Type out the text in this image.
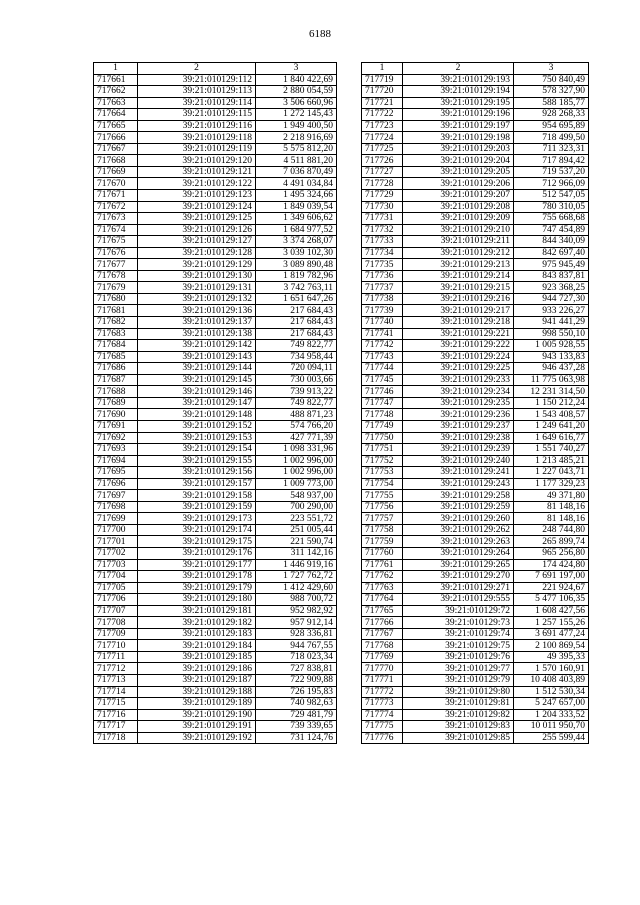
6188
1	2	3
717661	39:21:010129:112	1 840 422,69
717662	39:21:010129:113	2 880 054,59
717663	39:21:010129:114	3 506 660,96
717664	39:21:010129:115	1 272 145,43
717665	39:21:010129:116	1 949 400,50
717666	39:21:010129:118	2 218 916,69
717667	39:21:010129:119	5 575 812,20
717668	39:21:010129:120	4 511 881,20
717669	39:21:010129:121	7 036 870,49
717670	39:21:010129:122	4 491 034,84
717671	39:21:010129:123	1 495 324,66
717672	39:21:010129:124	1 849 039,54
717673	39:21:010129:125	1 349 606,62
717674	39:21:010129:126	1 684 977,52
717675	39:21:010129:127	3 374 268,07
717676	39:21:010129:128	3 039 102,30
717677	39:21:010129:129	3 089 890,48
717678	39:21:010129:130	1 819 782,96
717679	39:21:010129:131	3 742 763,11
717680	39:21:010129:132	1 651 647,26
717681	39:21:010129:136	217 684,43
717682	39:21:010129:137	217 684,43
717683	39:21:010129:138	217 684,43
717684	39:21:010129:142	749 822,77
717685	39:21:010129:143	734 958,44
717686	39:21:010129:144	720 094,11
717687	39:21:010129:145	730 003,66
717688	39:21:010129:146	739 913,22
717689	39:21:010129:147	749 822,77
717690	39:21:010129:148	488 871,23
717691	39:21:010129:152	574 766,20
717692	39:21:010129:153	427 771,39
717693	39:21:010129:154	1 098 331,96
717694	39:21:010129:155	1 002 996,00
717695	39:21:010129:156	1 002 996,00
717696	39:21:010129:157	1 009 773,00
717697	39:21:010129:158	548 937,00
717698	39:21:010129:159	700 290,00
717699	39:21:010129:173	223 551,72
717700	39:21:010129:174	251 005,44
717701	39:21:010129:175	221 590,74
717702	39:21:010129:176	311 142,16
717703	39:21:010129:177	1 446 919,16
717704	39:21:010129:178	1 727 762,72
717705	39:21:010129:179	1 412 429,60
717706	39:21:010129:180	988 700,72
717707	39:21:010129:181	952 982,92
717708	39:21:010129:182	957 912,14
717709	39:21:010129:183	928 336,81
717710	39:21:010129:184	944 767,55
717711	39:21:010129:185	718 023,34
717712	39:21:010129:186	727 838,81
717713	39:21:010129:187	722 909,88
717714	39:21:010129:188	726 195,83
717715	39:21:010129:189	740 982,63
717716	39:21:010129:190	729 481,79
717717	39:21:010129:191	739 339,65
717718	39:21:010129:192	731 124,76
1	2	3
717719	39:21:010129:193	750 840,49
717720	39:21:010129:194	578 327,90
717721	39:21:010129:195	588 185,77
717722	39:21:010129:196	928 268,33
717723	39:21:010129:197	954 695,89
717724	39:21:010129:198	718 499,50
717725	39:21:010129:203	711 323,31
717726	39:21:010129:204	717 894,42
717727	39:21:010129:205	719 537,20
717728	39:21:010129:206	712 966,09
717729	39:21:010129:207	512 547,05
717730	39:21:010129:208	780 310,05
717731	39:21:010129:209	755 668,68
717732	39:21:010129:210	747 454,89
717733	39:21:010129:211	844 340,09
717734	39:21:010129:212	842 697,40
717735	39:21:010129:213	975 945,49
717736	39:21:010129:214	843 837,81
717737	39:21:010129:215	923 368,25
717738	39:21:010129:216	944 727,30
717739	39:21:010129:217	933 226,27
717740	39:21:010129:218	941 441,29
717741	39:21:010129:221	998 550,10
717742	39:21:010129:222	1 005 928,55
717743	39:21:010129:224	943 133,83
717744	39:21:010129:225	946 437,28
717745	39:21:010129:233	11 775 063,98
717746	39:21:010129:234	12 231 314,50
717747	39:21:010129:235	1 150 212,24
717748	39:21:010129:236	1 543 408,57
717749	39:21:010129:237	1 249 641,20
717750	39:21:010129:238	1 649 616,77
717751	39:21:010129:239	1 551 740,27
717752	39:21:010129:240	1 213 485,21
717753	39:21:010129:241	1 227 043,71
717754	39:21:010129:243	1 177 329,23
717755	39:21:010129:258	49 371,80
717756	39:21:010129:259	81 148,16
717757	39:21:010129:260	81 148,16
717758	39:21:010129:262	248 744,80
717759	39:21:010129:263	265 899,74
717760	39:21:010129:264	965 256,80
717761	39:21:010129:265	174 424,80
717762	39:21:010129:270	7 691 197,00
717763	39:21:010129:271	221 924,67
717764	39:21:010129:555	5 477 106,35
717765	39:21:010129:72	1 608 427,56
717766	39:21:010129:73	1 257 155,26
717767	39:21:010129:74	3 691 477,24
717768	39:21:010129:75	2 100 869,54
717769	39:21:010129:76	49 395,33
717770	39:21:010129:77	1 570 160,91
717771	39:21:010129:79	10 408 403,89
717772	39:21:010129:80	1 512 530,34
717773	39:21:010129:81	5 247 657,00
717774	39:21:010129:82	1 204 333,52
717775	39:21:010129:83	10 011 950,70
717776	39:21:010129:85	255 599,44
